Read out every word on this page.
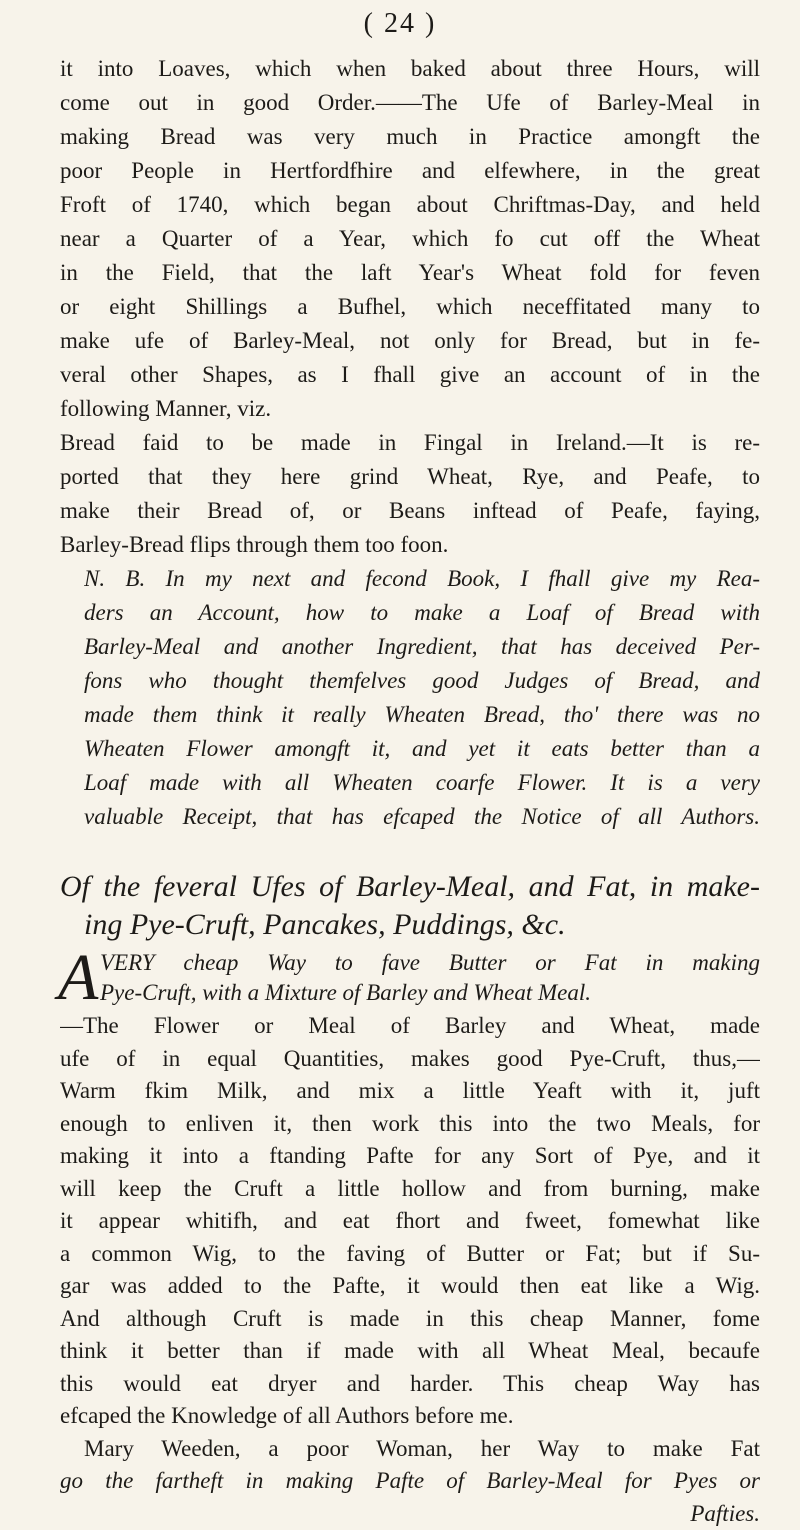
( 24 )
it into Loaves, which when baked about three Hours, will
come out in good Order.——The Ufe of Barley-Meal in
making Bread was very much in Practice amongft the
poor People in Hertfordfhire and elfewhere, in the great
Froft of 1740, which began about Chriftmas-Day, and held
near a Quarter of a Year, which fo cut off the Wheat
in the Field, that the laft Year's Wheat fold for feven
or eight Shillings a Bufhel, which neceffitated many to
make ufe of Barley-Meal, not only for Bread, but in fe-
veral other Shapes, as I fhall give an account of in the
following Manner, viz.
Bread faid to be made in Fingal in Ireland.—It is re-
ported that they here grind Wheat, Rye, and Peafe, to
make their Bread of, or Beans inftead of Peafe, faying,
Barley-Bread flips through them too foon.
N. B. In my next and fecond Book, I fhall give my Rea-
ders an Account, how to make a Loaf of Bread with
Barley-Meal and another Ingredient, that has deceived Per-
fons who thought themfelves good Judges of Bread, and
made them think it really Wheaten Bread, tho' there was no
Wheaten Flower amongft it, and yet it eats better than a
Loaf made with all Wheaten coarfe Flower. It is a very
valuable Receipt, that has efcaped the Notice of all Authors.
Of the feveral Ufes of Barley-Meal, and Fat, in make-
ing Pye-Cruft, Pancakes, Puddings, &c.
A VERY cheap Way to fave Butter or Fat in making
Pye-Cruft, with a Mixture of Barley and Wheat Meal.
—The Flower or Meal of Barley and Wheat, made
ufe of in equal Quantities, makes good Pye-Cruft, thus,—
Warm fkim Milk, and mix a little Yeaft with it, juft
enough to enliven it, then work this into the two Meals, for
making it into a ftanding Pafte for any Sort of Pye, and it
will keep the Cruft a little hollow and from burning, make
it appear whitifh, and eat fhort and fweet, fomewhat like
a common Wig, to the faving of Butter or Fat; but if Su-
gar was added to the Pafte, it would then eat like a Wig.
And although Cruft is made in this cheap Manner, fome
think it better than if made with all Wheat Meal, becaufe
this would eat dryer and harder. This cheap Way has
efcaped the Knowledge of all Authors before me.
Mary Weeden, a poor Woman, her Way to make Fat
go the fartheft in making Pafte of Barley-Meal for Pyes or
Pafties.
